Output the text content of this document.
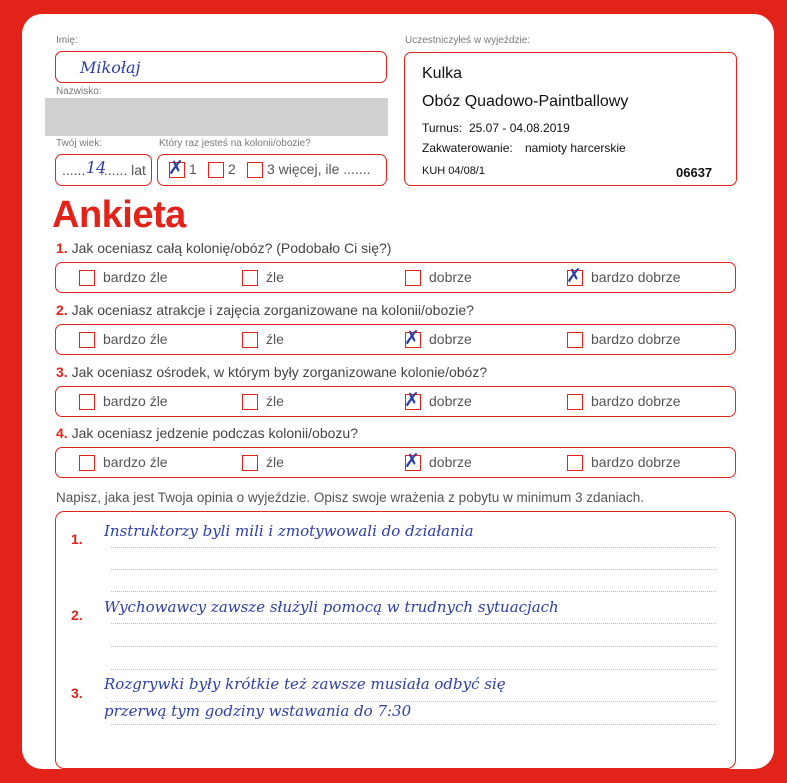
Imię:
Mikołaj
Nazwisko:
Twój wiek:
...... 14
....... lat
Który raz jesteś na kolonii/obozie?
✗ 1 2 3 więcej, ile .......
Uczestniczyłeś w wyjeździe:
Kulka
Obóz Quadowo-Paintballowy
Turnus: 25.07 - 04.08.2019
Zakwaterowanie: namioty harcerskie
KUH 04/08/1	06637
Ankieta
1. Jak oceniasz całą kolonię/obóz? (Podobało Ci się?)
bardzo źle	źle	dobrze	✗ bardzo dobrze
2. Jak oceniasz atrakcje i zajęcia zorganizowane na kolonii/obozie?
bardzo źle	źle	✗ dobrze	bardzo dobrze
3. Jak oceniasz ośrodek, w którym były zorganizowane kolonie/obóz?
bardzo źle	źle	✗ dobrze	bardzo dobrze
4. Jak oceniasz jedzenie podczas kolonii/obozu?
bardzo źle	źle	✗ dobrze	bardzo dobrze
Napisz, jaka jest Twoja opinia o wyjeździe. Opisz swoje wrażenia z pobytu w minimum 3 zdaniach.
1. Instruktorzy byli mili i zmotywowali do działania
2. Wychowawcy zawsze służyli pomocą w trudnych sytuacjach
3. Rozgrywki były krótkie też zawsze musiała odbyć się
przerwą tym godziny wstawania do 7:30
